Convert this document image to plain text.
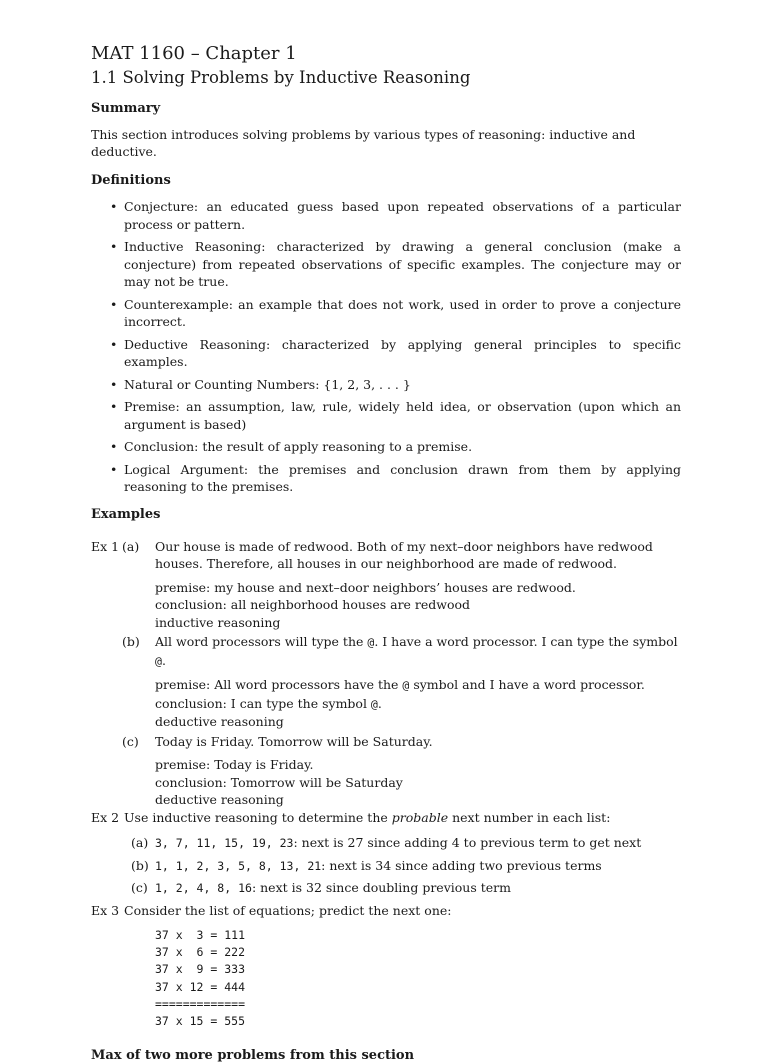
MAT 1160 – Chapter 1
1.1 Solving Problems by Inductive Reasoning
Summary
This section introduces solving problems by various types of reasoning: inductive and deductive.
Definitions
• Conjecture: an educated guess based upon repeated observations of a particular process or pattern.
• Inductive Reasoning: characterized by drawing a general conclusion (make a conjecture) from repeated observations of specific examples. The conjecture may or may not be true.
• Counterexample: an example that does not work, used in order to prove a conjecture incorrect.
• Deductive Reasoning: characterized by applying general principles to specific examples.
• Natural or Counting Numbers: {1, 2, 3, . . . }
• Premise: an assumption, law, rule, widely held idea, or observation (upon which an argument is based)
• Conclusion: the result of apply reasoning to a premise.
• Logical Argument: the premises and conclusion drawn from them by applying reasoning to the premises.
Examples
Ex 1 (a) Our house is made of redwood. Both of my next–door neighbors have redwood houses. Therefore, all houses in our neighborhood are made of redwood.
premise: my house and next–door neighbors’ houses are redwood.
conclusion: all neighborhood houses are redwood
inductive reasoning
(b) All word processors will type the @. I have a word processor. I can type the symbol @.
premise: All word processors have the @ symbol and I have a word processor.
conclusion: I can type the symbol @.
deductive reasoning
(c) Today is Friday. Tomorrow will be Saturday.
premise: Today is Friday.
conclusion: Tomorrow will be Saturday
deductive reasoning
Ex 2 Use inductive reasoning to determine the probable next number in each list:
(a) 3, 7, 11, 15, 19, 23: next is 27 since adding 4 to previous term to get next
(b) 1, 1, 2, 3, 5, 8, 13, 21: next is 34 since adding two previous terms
(c) 1, 2, 4, 8, 16: next is 32 since doubling previous term
Ex 3 Consider the list of equations; predict the next one:
37 x  3 = 111
37 x  6 = 222
37 x  9 = 333
37 x 12 = 444
=============
37 x 15 = 555
Max of two more problems from this section
